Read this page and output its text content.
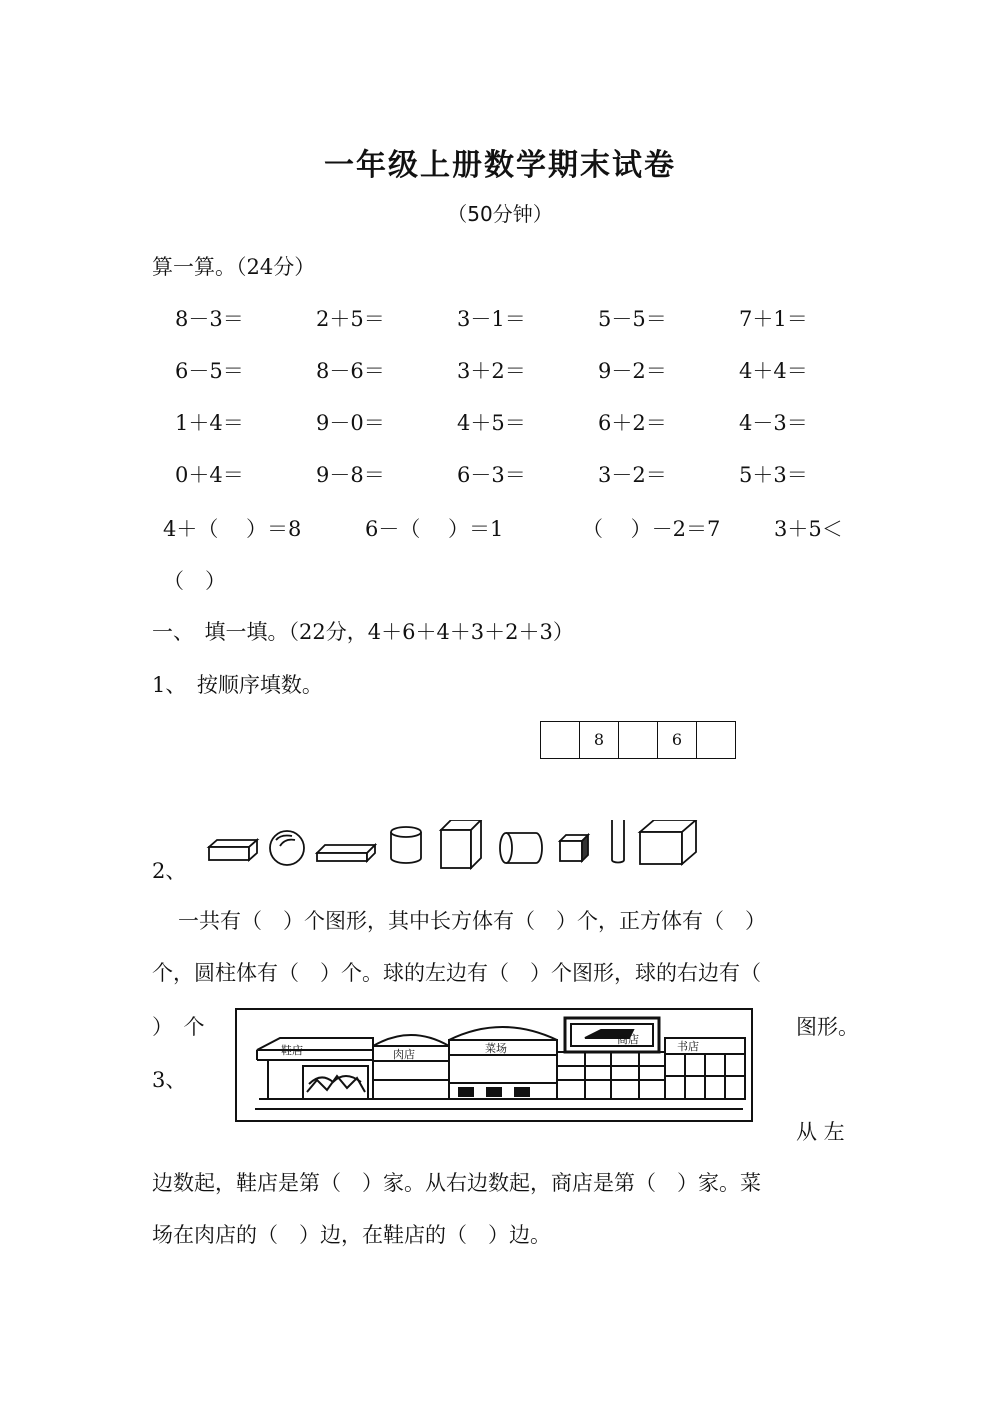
一年级上册数学期末试卷
（50分钟）
算一算。（24分）
8－3＝	2＋5＝	3－1＝	5－5＝	7＋1＝
6－5＝	8－6＝	3＋2＝	9－2＝	4＋4＝
1＋4＝	9－0＝	4＋5＝	6＋2＝	4－3＝
0＋4＝	9－8＝	6－3＝	3－2＝	5＋3＝
4＋（　 ）＝8	6－（　 ）＝1	（　 ）－2＝7	3＋5＜
（　）
一、　填一填。（22分，4＋6＋4＋3＋2＋3）
1、　按顺序填数。
8	6
2、
一共有（　）个图形，其中长方体有（　）个，正方体有（　）
个，圆柱体有（　）个。球的左边有（　）个图形，球的右边有（
）　个	图形。
3、
鞋店	肉店	菜场
商店
书店
从 左
边数起，鞋店是第（　）家。从右边数起，商店是第（　）家。菜
场在肉店的（　）边，在鞋店的（　）边。
